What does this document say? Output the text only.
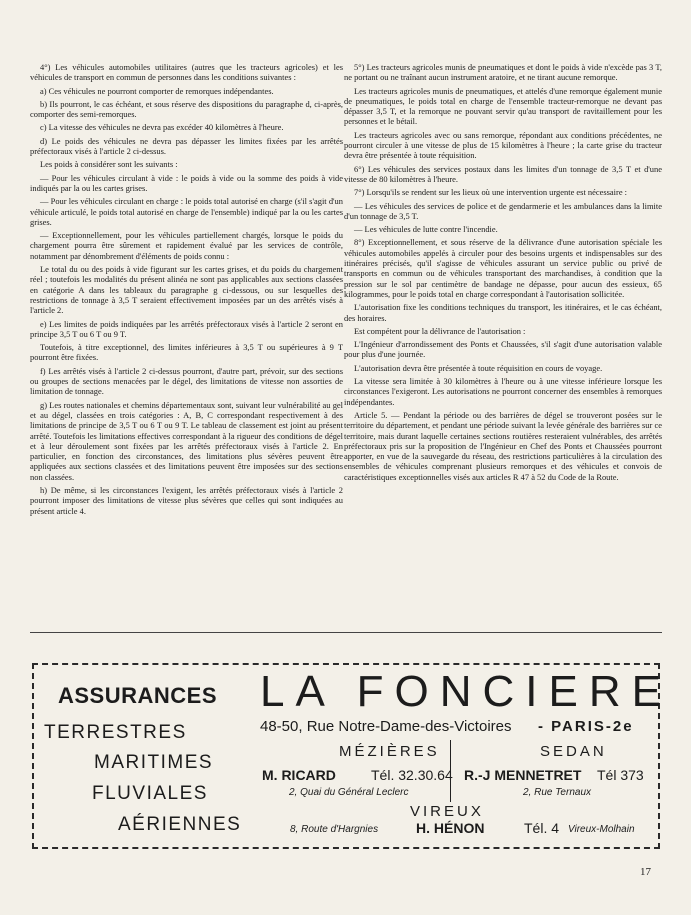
4°) Les véhicules automobiles utilitaires (autres que les tracteurs agricoles) et les véhicules de transport en commun de personnes dans les conditions suivantes :

a) Ces véhicules ne pourront comporter de remorques indépendantes.

b) Ils pourront, le cas échéant, et sous réserve des dispositions du paragraphe d, ci-après, comporter des semi-remorques.

c) La vitesse des véhicules ne devra pas excéder 40 kilomètres à l'heure.

d) Le poids des véhicules ne devra pas dépasser les limites fixées par les arrêtés préfectoraux visés à l'article 2 ci-dessus.

Les poids à considérer sont les suivants :

— Pour les véhicules circulant à vide : le poids à vide ou la somme des poids à vide indiqués par la ou les cartes grises.

— Pour les véhicules circulant en charge : le poids total autorisé en charge (s'il s'agit d'un véhicule articulé, le poids total autorisé en charge de l'ensemble) indiqué par la ou les cartes grises.

— Exceptionnellement, pour les véhicules partiellement chargés, lorsque le poids du chargement pourra être sûrement et rapidement évalué par les services de contrôle, notamment par dénombrement d'éléments de poids connu :

Le total du ou des poids à vide figurant sur les cartes grises, et du poids du chargement réel ; toutefois les modalités du présent alinéa ne sont pas applicables aux sections classées en catégorie A dans les tableaux du paragraphe g ci-dessous, ou sur lesquelles des restrictions de tonnage à 3,5 T seraient effectivement imposées par un des arrêtés visés à l'article 2.

e) Les limites de poids indiquées par les arrêtés préfectoraux visés à l'article 2 seront en principe 3,5 T ou 6 T ou 9 T.

Toutefois, à titre exceptionnel, des limites inférieures à 3,5 T ou supérieures à 9 T pourront être fixées.

f) Les arrêtés visés à l'article 2 ci-dessus pourront, d'autre part, prévoir, sur des sections ou groupes de sections menacées par le dégel, des limitations de vitesse non assorties de limitation de tonnage.

g) Les routes nationales et chemins départementaux sont, suivant leur vulnérabilité au gel et au dégel, classées en trois catégories : A, B, C correspondant respectivement à des limitations de principe de 3,5 T ou 6 T ou 9 T. Le tableau de classement est joint au présent arrêté. Toutefois les limitations effectives correspondant à la rigueur des conditions de dégel et à leur déroulement sont fixées par les arrêtés préfectoraux visés à l'article 2. En particulier, en fonction des circonstances, des limitations plus sévères peuvent être appliquées aux sections classées et des limitations peuvent être imposées sur des sections non classées.

h) De même, si les circonstances l'exigent, les arrêtés préfectoraux visés à l'article 2 pourront imposer des limitations de vitesse plus sévères que celles qui sont indiquées au présent article 4.

5°) Les tracteurs agricoles munis de pneumatiques et dont le poids à vide n'excède pas 3 T, ne portant ou ne traînant aucun instrument aratoire, et ne tirant aucune remorque.

Les tracteurs agricoles munis de pneumatiques, et attelés d'une remorque également munie de pneumatiques, le poids total en charge de l'ensemble tracteur-remorque ne devant pas dépasser 3,5 T, et la remorque ne pouvant servir qu'au transport de ravitaillement pour les personnes et le bétail.

Les tracteurs agricoles avec ou sans remorque, répondant aux conditions précédentes, ne pourront circuler à une vitesse de plus de 15 kilomètres à l'heure ; la carte grise du tracteur devra être présentée à toute réquisition.

6°) Les véhicules des services postaux dans les limites d'un tonnage de 3,5 T et d'une vitesse de 80 kilomètres à l'heure.

7°) Lorsqu'ils se rendent sur les lieux où une intervention urgente est nécessaire :

— Les véhicules des services de police et de gendarmerie et les ambulances dans la limite d'un tonnage de 3,5 T.

— Les véhicules de lutte contre l'incendie.

8°) Exceptionnellement, et sous réserve de la délivrance d'une autorisation spéciale les véhicules automobiles appelés à circuler pour des besoins urgents et indispensables sur des itinéraires précisés, qu'il s'agisse de véhicules assurant un service public ou privé de transports en commun ou de véhicules transportant des marchandises, à condition que la pression sur le sol par centimètre de bandage ne dépasse, pour aucun des essieux, 65 kilogrammes, pour le poids total en charge correspondant à l'autorisation sollicitée.

L'autorisation fixe les conditions techniques du transport, les itinéraires, et le cas échéant, des horaires.

Est compétent pour la délivrance de l'autorisation :

L'Ingénieur d'arrondissement des Ponts et Chaussées, s'il s'agit d'une autorisation valable pour plus d'une journée.

L'autorisation devra être présentée à toute réquisition en cours de voyage.

La vitesse sera limitée à 30 kilomètres à l'heure ou à une vitesse inférieure lorsque les circonstances l'exigeront. Les autorisations ne pourront concerner des ensembles à remorques indépendantes.

Article 5. — Pendant la période ou des barrières de dégel se trouveront posées sur le territoire du département, et pendant une période suivant la levée générale des barrières sur ce territoire, mais durant laquelle certaines sections routières resteraient vulnérables, des arrêtés préfectoraux pris sur la proposition de l'Ingénieur en Chef des Ponts et Chaussées pourront apporter, en vue de la sauvegarde du réseau, des restrictions particulières à la circulation des ensembles de véhicules comprenant plusieurs remorques et des véhicules et convois de caractéristiques exceptionnelles visés aux articles R 47 à 52 du Code de la Route.

ASSURANCES LA FONCIERE
48-50, Rue Notre-Dame-des-Victoires - PARIS-2e
TERRESTRES
MARITIMES
FLUVIALES
AÉRIENNES
MÉZIÈRES
M. RICARD	Tél. 32.30.64
2, Quai du Général Leclerc
SEDAN
R.-J MENNETRET Tél 373
2, Rue Ternaux
VIREUX
8, Route d'Hargnies	H. HÉNON	Tél. 4 Vireux-Molhain
17
